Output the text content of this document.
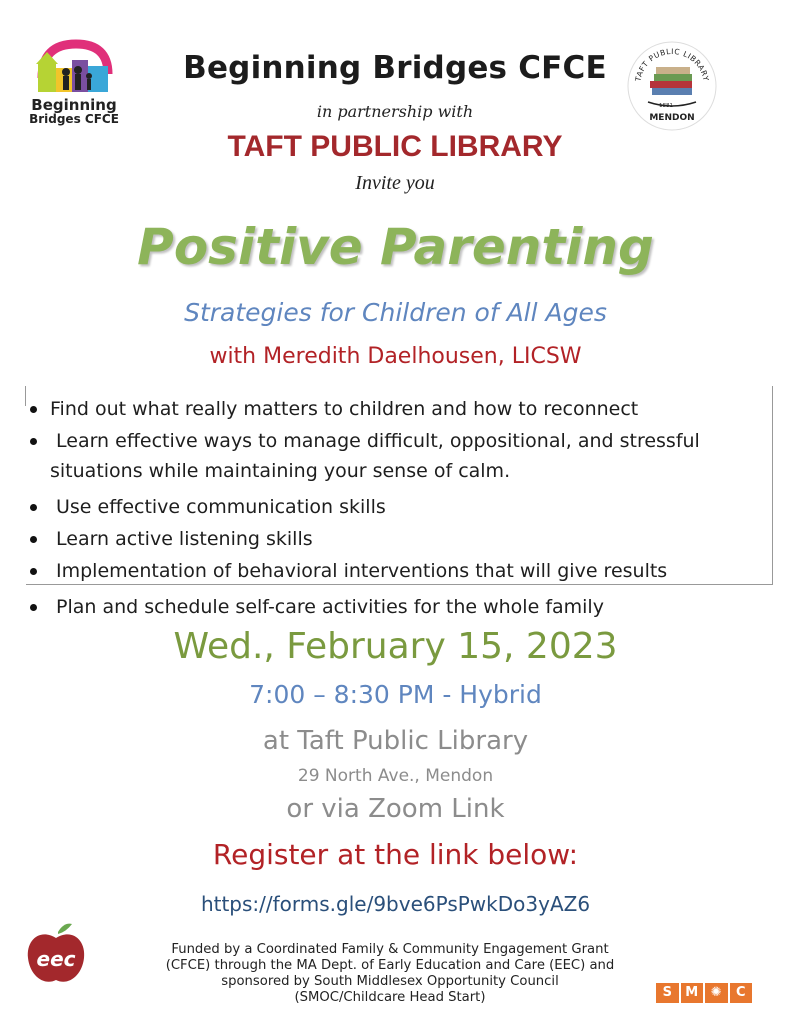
Beginning
Bridges CFCE
Beginning Bridges CFCE
in partnership with
TAFT PUBLIC LIBRARY
Invite you
TAFT PUBLIC LIBRARY
1881
MENDON
Positive Parenting
Strategies for Children of All Ages
with Meredith Daelhousen, LICSW
Find out what really matters to children and how to reconnect
Learn effective ways to manage difficult, oppositional, and stressful
situations while maintaining your sense of calm.
Use effective communication skills
Learn active listening skills
Implementation of behavioral interventions that will give results
Plan and schedule self-care activities for the whole family
Wed., February 15, 2023
7:00 – 8:30 PM - Hybrid
at Taft Public Library
29 North Ave., Mendon
or via Zoom Link
Register at the link below:
https://forms.gle/9bve6PsPwkDo3yAZ6
eec	Funded by a Coordinated Family & Community Engagement Grant
(CFCE) through the MA Dept. of Early Education and Care (EEC) and
sponsored by South Middlesex Opportunity Council
(SMOC/Childcare Head Start)	S	M ✺	C
